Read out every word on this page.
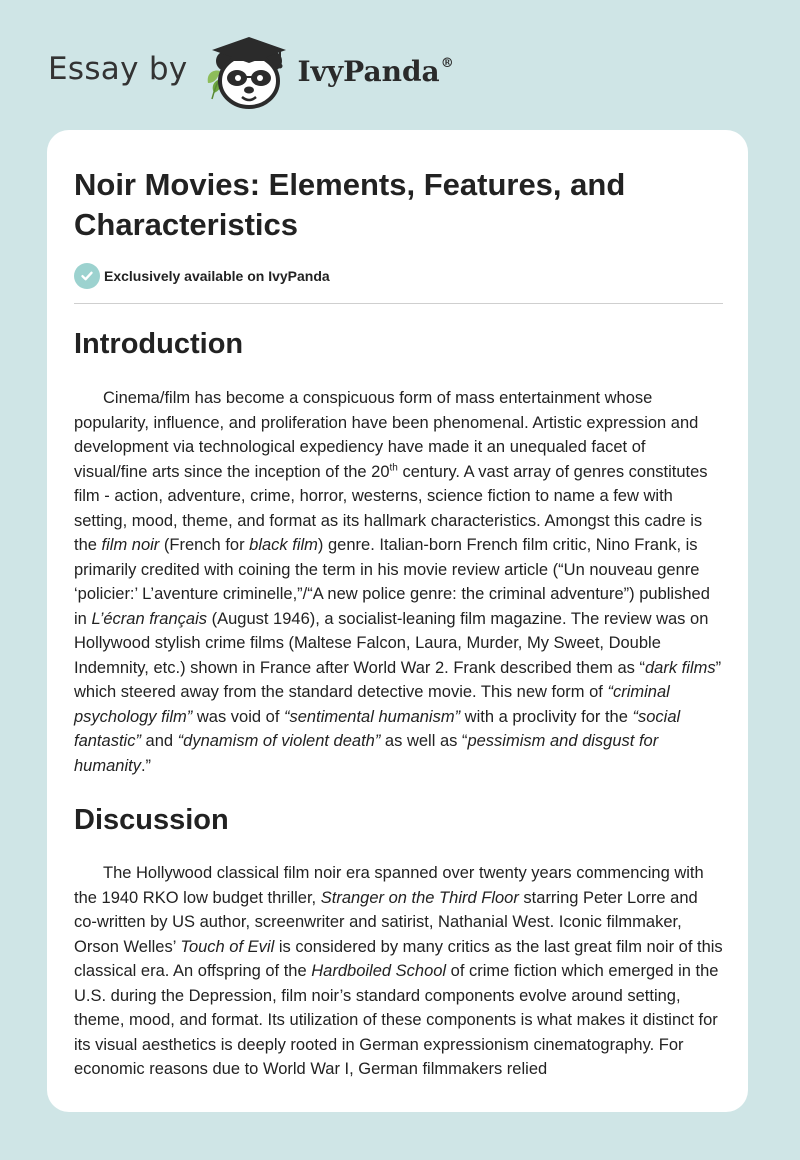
Essay by	IvyPanda®
Noir Movies: Elements, Features, and Characteristics
Exclusively available on IvyPanda
Introduction

Cinema/film has become a conspicuous form of mass entertainment whose popularity, influence, and proliferation have been phenomenal. Artistic expression and development via technological expediency have made it an unequaled facet of visual/fine arts since the inception of the 20th century. A vast array of genres constitutes film - action, adventure, crime, horror, westerns, science fiction to name a few with setting, mood, theme, and format as its hallmark characteristics. Amongst this cadre is the film noir (French for black film) genre. Italian-born French film critic, Nino Frank, is primarily credited with coining the term in his movie review article (“Un nouveau genre ‘policier:’ L’aventure criminelle,”/“A new police genre: the criminal adventure”) published in L’écran français (August 1946), a socialist-leaning film magazine. The review was on Hollywood stylish crime films (Maltese Falcon, Laura, Murder, My Sweet, Double Indemnity, etc.) shown in France after World War 2. Frank described them as “dark films” which steered away from the standard detective movie. This new form of “criminal psychology film” was void of “sentimental humanism” with a proclivity for the “social fantastic” and “dynamism of violent death” as well as “pessimism and disgust for humanity.”

Discussion

The Hollywood classical film noir era spanned over twenty years commencing with the 1940 RKO low budget thriller, Stranger on the Third Floor starring Peter Lorre and co-written by US author, screenwriter and satirist, Nathanial West. Iconic filmmaker, Orson Welles’ Touch of Evil is considered by many critics as the last great film noir of this classical era. An offspring of the Hardboiled School of crime fiction which emerged in the U.S. during the Depression, film noir’s standard components evolve around setting, theme, mood, and format. Its utilization of these components is what makes it distinct for its visual aesthetics is deeply rooted in German expressionism cinematography. For economic reasons due to World War I, German filmmakers relied
